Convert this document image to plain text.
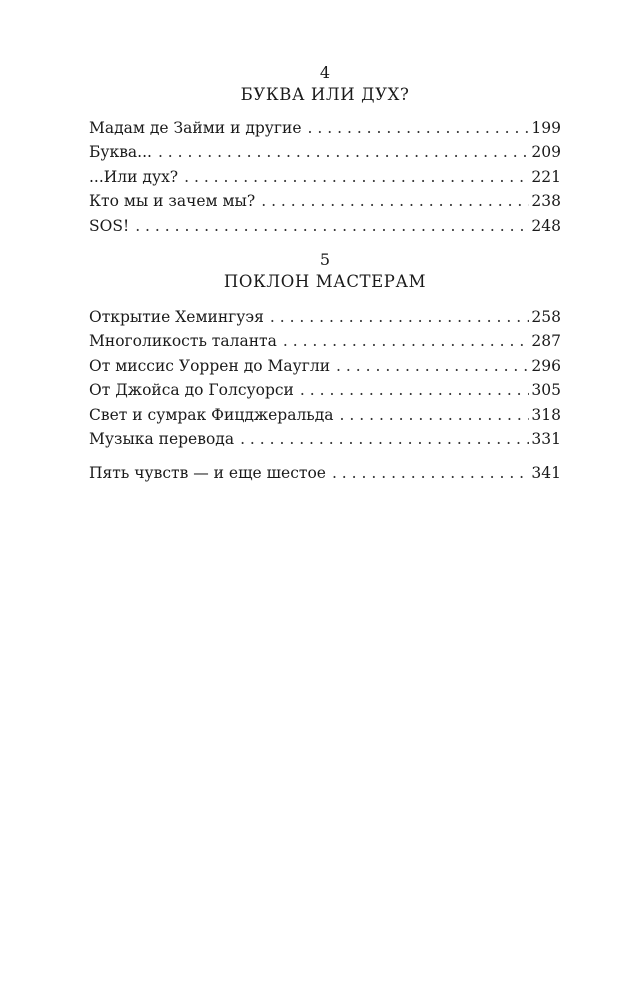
4
БУКВА ИЛИ ДУХ?
Мадам де Займи и другие . . .	199
Буква... . . .	209
...Или дух? . . .	221
Кто мы и зачем мы? . . .	238
SOS! . . .	248
5
ПОКЛОН МАСТЕРАМ
Открытие Хемингуэя . . .	258
Многоликость таланта . . .	287
От миссис Уоррен до Маугли . . .	296
От Джойса до Голсуорси . . .	305
Свет и сумрак Фицджеральда . . .	318
Музыка перевода . . .	331
Пять чувств — и еще шестое . . .	341
